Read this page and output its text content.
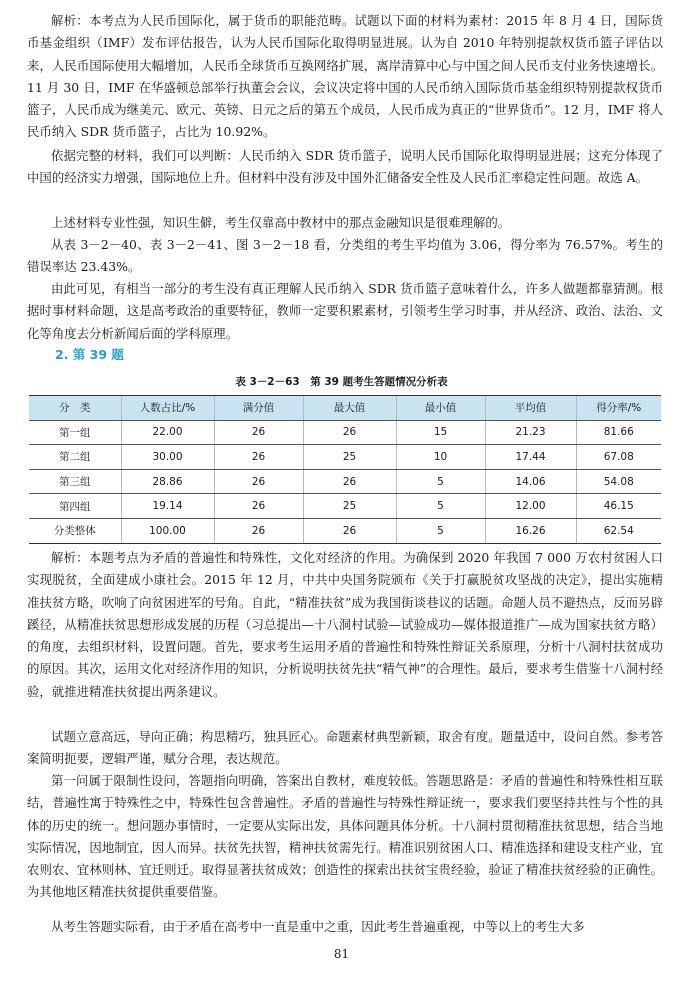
解析：本考点为人民币国际化，属于货币的职能范畴。试题以下面的材料为素材：2015 年 8 月 4 日，国际货币基金组织（IMF）发布评估报告，认为人民币国际化取得明显进展。认为自 2010 年特别提款权货币篮子评估以来，人民币国际使用大幅增加，人民币全球货币互换网络扩展，离岸清算中心与中国之间人民币支付业务快速增长。11 月 30 日，IMF 在华盛顿总部举行执董会会议，会议决定将中国的人民币纳入国际货币基金组织特别提款权货币篮子，人民币成为继美元、欧元、英镑、日元之后的第五个成员，人民币成为真正的“世界货币”。12 月，IMF 将人民币纳入 SDR 货币篮子，占比为 10.92%。

依据完整的材料，我们可以判断：人民币纳入 SDR 货币篮子，说明人民币国际化取得明显进展；这充分体现了中国的经济实力增强，国际地位上升。但材料中没有涉及中国外汇储备安全性及人民币汇率稳定性问题。故选 A。

上述材料专业性强，知识生僻，考生仅靠高中教材中的那点金融知识是很难理解的。

从表 3－2－40、表 3－2－41、图 3－2－18 看，分类组的考生平均值为 3.06，得分率为 76.57%。考生的错误率达 23.43%。

由此可见，有相当一部分的考生没有真正理解人民币纳入 SDR 货币篮子意味着什么，许多人做题都靠猜测。根据时事材料命题，这是高考政治的重要特征，教师一定要积累素材，引领考生学习时事，并从经济、政治、法治、文化等角度去分析新闻后面的学科原理。

2. 第 39 题

表 3－2－63　第 39 题考生答题情况分析表

分　类	人数占比/%	满分值	最大值	最小值	平均值	得分率/%
第一组	22.00	26	26	15	21.23	81.66
第二组	30.00	26	25	10	17.44	67.08
第三组	28.86	26	26	5	14.06	54.08
第四组	19.14	26	25	5	12.00	46.15
分类整体	100.00	26	26	5	16.26	62.54

解析：本题考点为矛盾的普遍性和特殊性，文化对经济的作用。为确保到 2020 年我国 7 000 万农村贫困人口实现脱贫，全面建成小康社会。2015 年 12 月，中共中央国务院颁布《关于打赢脱贫攻坚战的决定》，提出实施精准扶贫方略，吹响了向贫困进军的号角。自此，“精准扶贫”成为我国街谈巷议的话题。命题人员不避热点，反而另辟蹊径，从精准扶贫思想形成发展的历程（习总提出—十八洞村试验—试验成功—媒体报道推广—成为国家扶贫方略）的角度，去组织材料，设置问题。首先，要求考生运用矛盾的普遍性和特殊性辩证关系原理，分析十八洞村扶贫成功的原因。其次，运用文化对经济作用的知识，分析说明扶贫先扶“精气神”的合理性。最后，要求考生借鉴十八洞村经验，就推进精准扶贫提出两条建议。

试题立意高远，导向正确；构思精巧，独具匠心。命题素材典型新颖，取舍有度。题量适中，设问自然。参考答案简明扼要，逻辑严谨，赋分合理，表达规范。

第一问属于限制性设问，答题指向明确，答案出自教材，难度较低。答题思路是：矛盾的普遍性和特殊性相互联结，普遍性寓于特殊性之中，特殊性包含普遍性。矛盾的普遍性与特殊性辩证统一，要求我们要坚持共性与个性的具体的历史的统一。想问题办事情时，一定要从实际出发，具体问题具体分析。十八洞村贯彻精准扶贫思想，结合当地实际情况，因地制宜，因人而异。扶贫先扶智，精神扶贫需先行。精准识别贫困人口、精准选择和建设支柱产业，宜农则农、宜林则林、宜迁则迁。取得显著扶贫成效；创造性的探索出扶贫宝贵经验，验证了精准扶贫经验的正确性。为其他地区精准扶贫提供重要借鉴。

从考生答题实际看，由于矛盾在高考中一直是重中之重，因此考生普遍重视，中等以上的考生大多

81
